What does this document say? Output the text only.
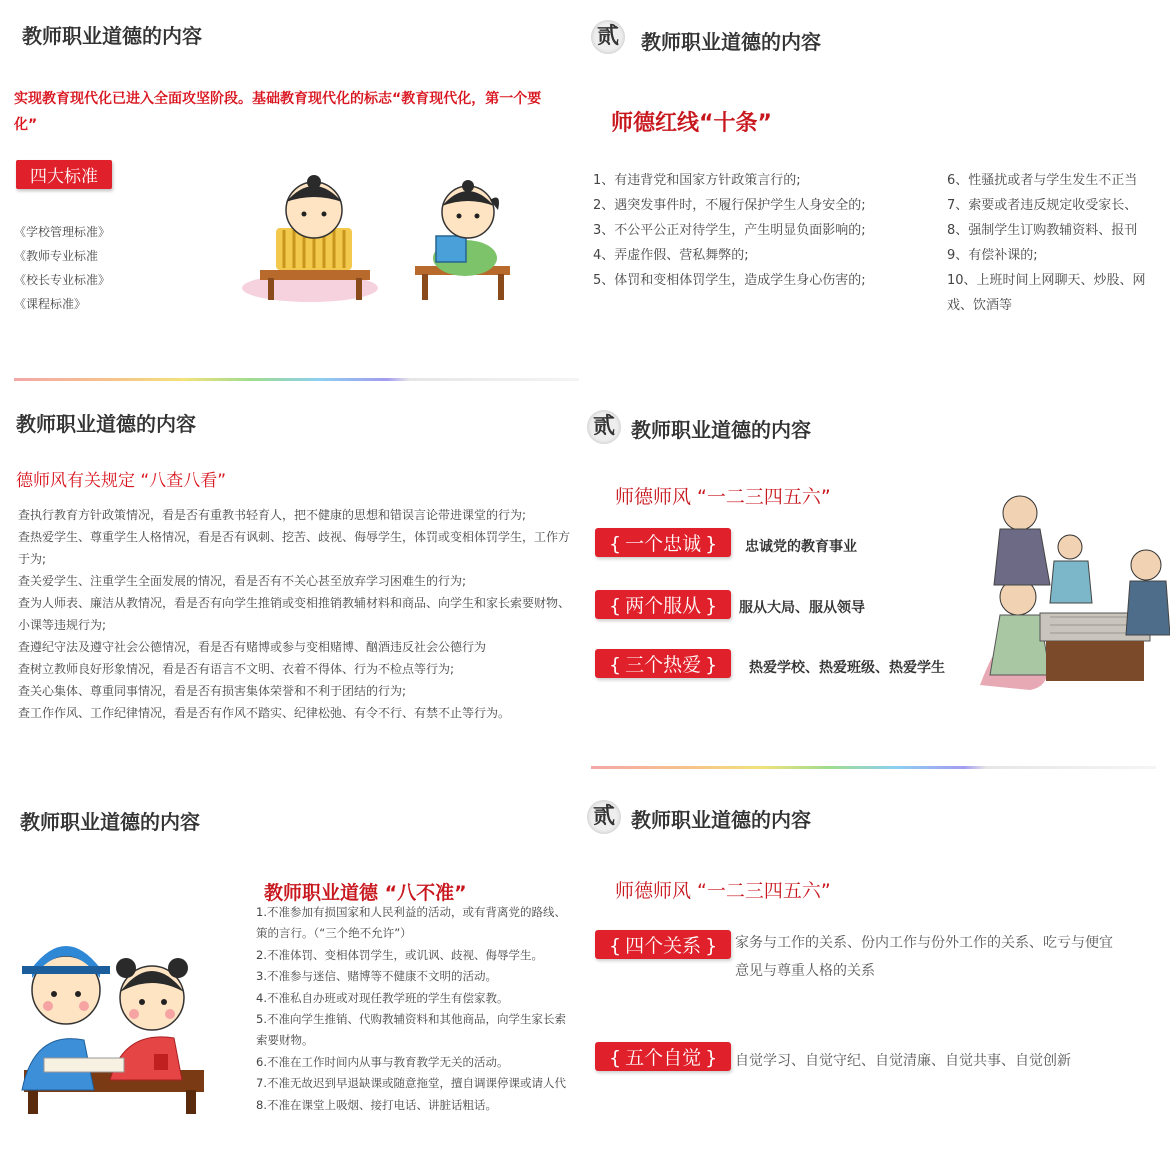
教师职业道德的内容
实现教育现代化已进入全面攻坚阶段。基础教育现代化的标志“教育现代化，第一个要
化”
四大标准
《学校管理标准》
《教师专业标准
《校长专业标准》
《课程标准》
贰	教师职业道德的内容
师德红线“十条”
1、有违背党和国家方针政策言行的;
2、遇突发事件时，不履行保护学生人身安全的;
3、不公平公正对待学生，产生明显负面影响的;
4、弄虚作假、营私舞弊的;
5、体罚和变相体罚学生，造成学生身心伤害的;
6、性骚扰或者与学生发生不正当
7、索要或者违反规定收受家长、
8、强制学生订购教辅资料、报刊
9、有偿补课的;
10、上班时间上网聊天、炒股、网
戏、饮酒等
教师职业道德的内容
德师风有关规定 “八查八看”
查执行教育方针政策情况，看是否有重教书轻育人，把不健康的思想和错误言论带进课堂的行为;
查热爱学生、尊重学生人格情况，看是否有讽刺、挖苦、歧视、侮辱学生，体罚或变相体罚学生，工作方
于为;
查关爱学生、注重学生全面发展的情况，看是否有不关心甚至放弃学习困难生的行为;
查为人师表、廉洁从教情况，看是否有向学生推销或变相推销教辅材料和商品、向学生和家长索要财物、
小课等违规行为;
查遵纪守法及遵守社会公德情况，看是否有赌博或参与变相赌博、酗酒违反社会公德行为
查树立教师良好形象情况，看是否有语言不文明、衣着不得体、行为不检点等行为;
查关心集体、尊重同事情况，看是否有损害集体荣誉和不利于团结的行为;
查工作作风、工作纪律情况，看是否有作风不踏实、纪律松弛、有令不行、有禁不止等行为。
贰 教师职业道德的内容
师德师风 “一二三四五六”
{ 一个忠诚 }	忠诚党的教育事业
{ 两个服从 }	服从大局、服从领导
{ 三个热爱 }	热爱学校、热爱班级、热爱学生
教师职业道德的内容
教师职业道德 “八不准”
1.不准参加有损国家和人民利益的活动，或有背离党的路线、
策的言行。（“三个绝不允许”）
2.不准体罚、变相体罚学生，或讥讽、歧视、侮辱学生。
3.不准参与迷信、赌博等不健康不文明的活动。
4.不准私自办班或对现任教学班的学生有偿家教。
5.不准向学生推销、代购教辅资料和其他商品，向学生家长索
索要财物。
6.不准在工作时间内从事与教育教学无关的活动。
7.不准无故迟到早退缺课或随意拖堂，擅自调课停课或请人代
8.不准在课堂上吸烟、接打电话、讲脏话粗话。
贰 教师职业道德的内容
师德师风 “一二三四五六”
{ 四个关系 }	家务与工作的关系、份内工作与份外工作的关系、吃亏与便宜
意见与尊重人格的关系
{ 五个自觉 }	自觉学习、自觉守纪、自觉清廉、自觉共事、自觉创新
